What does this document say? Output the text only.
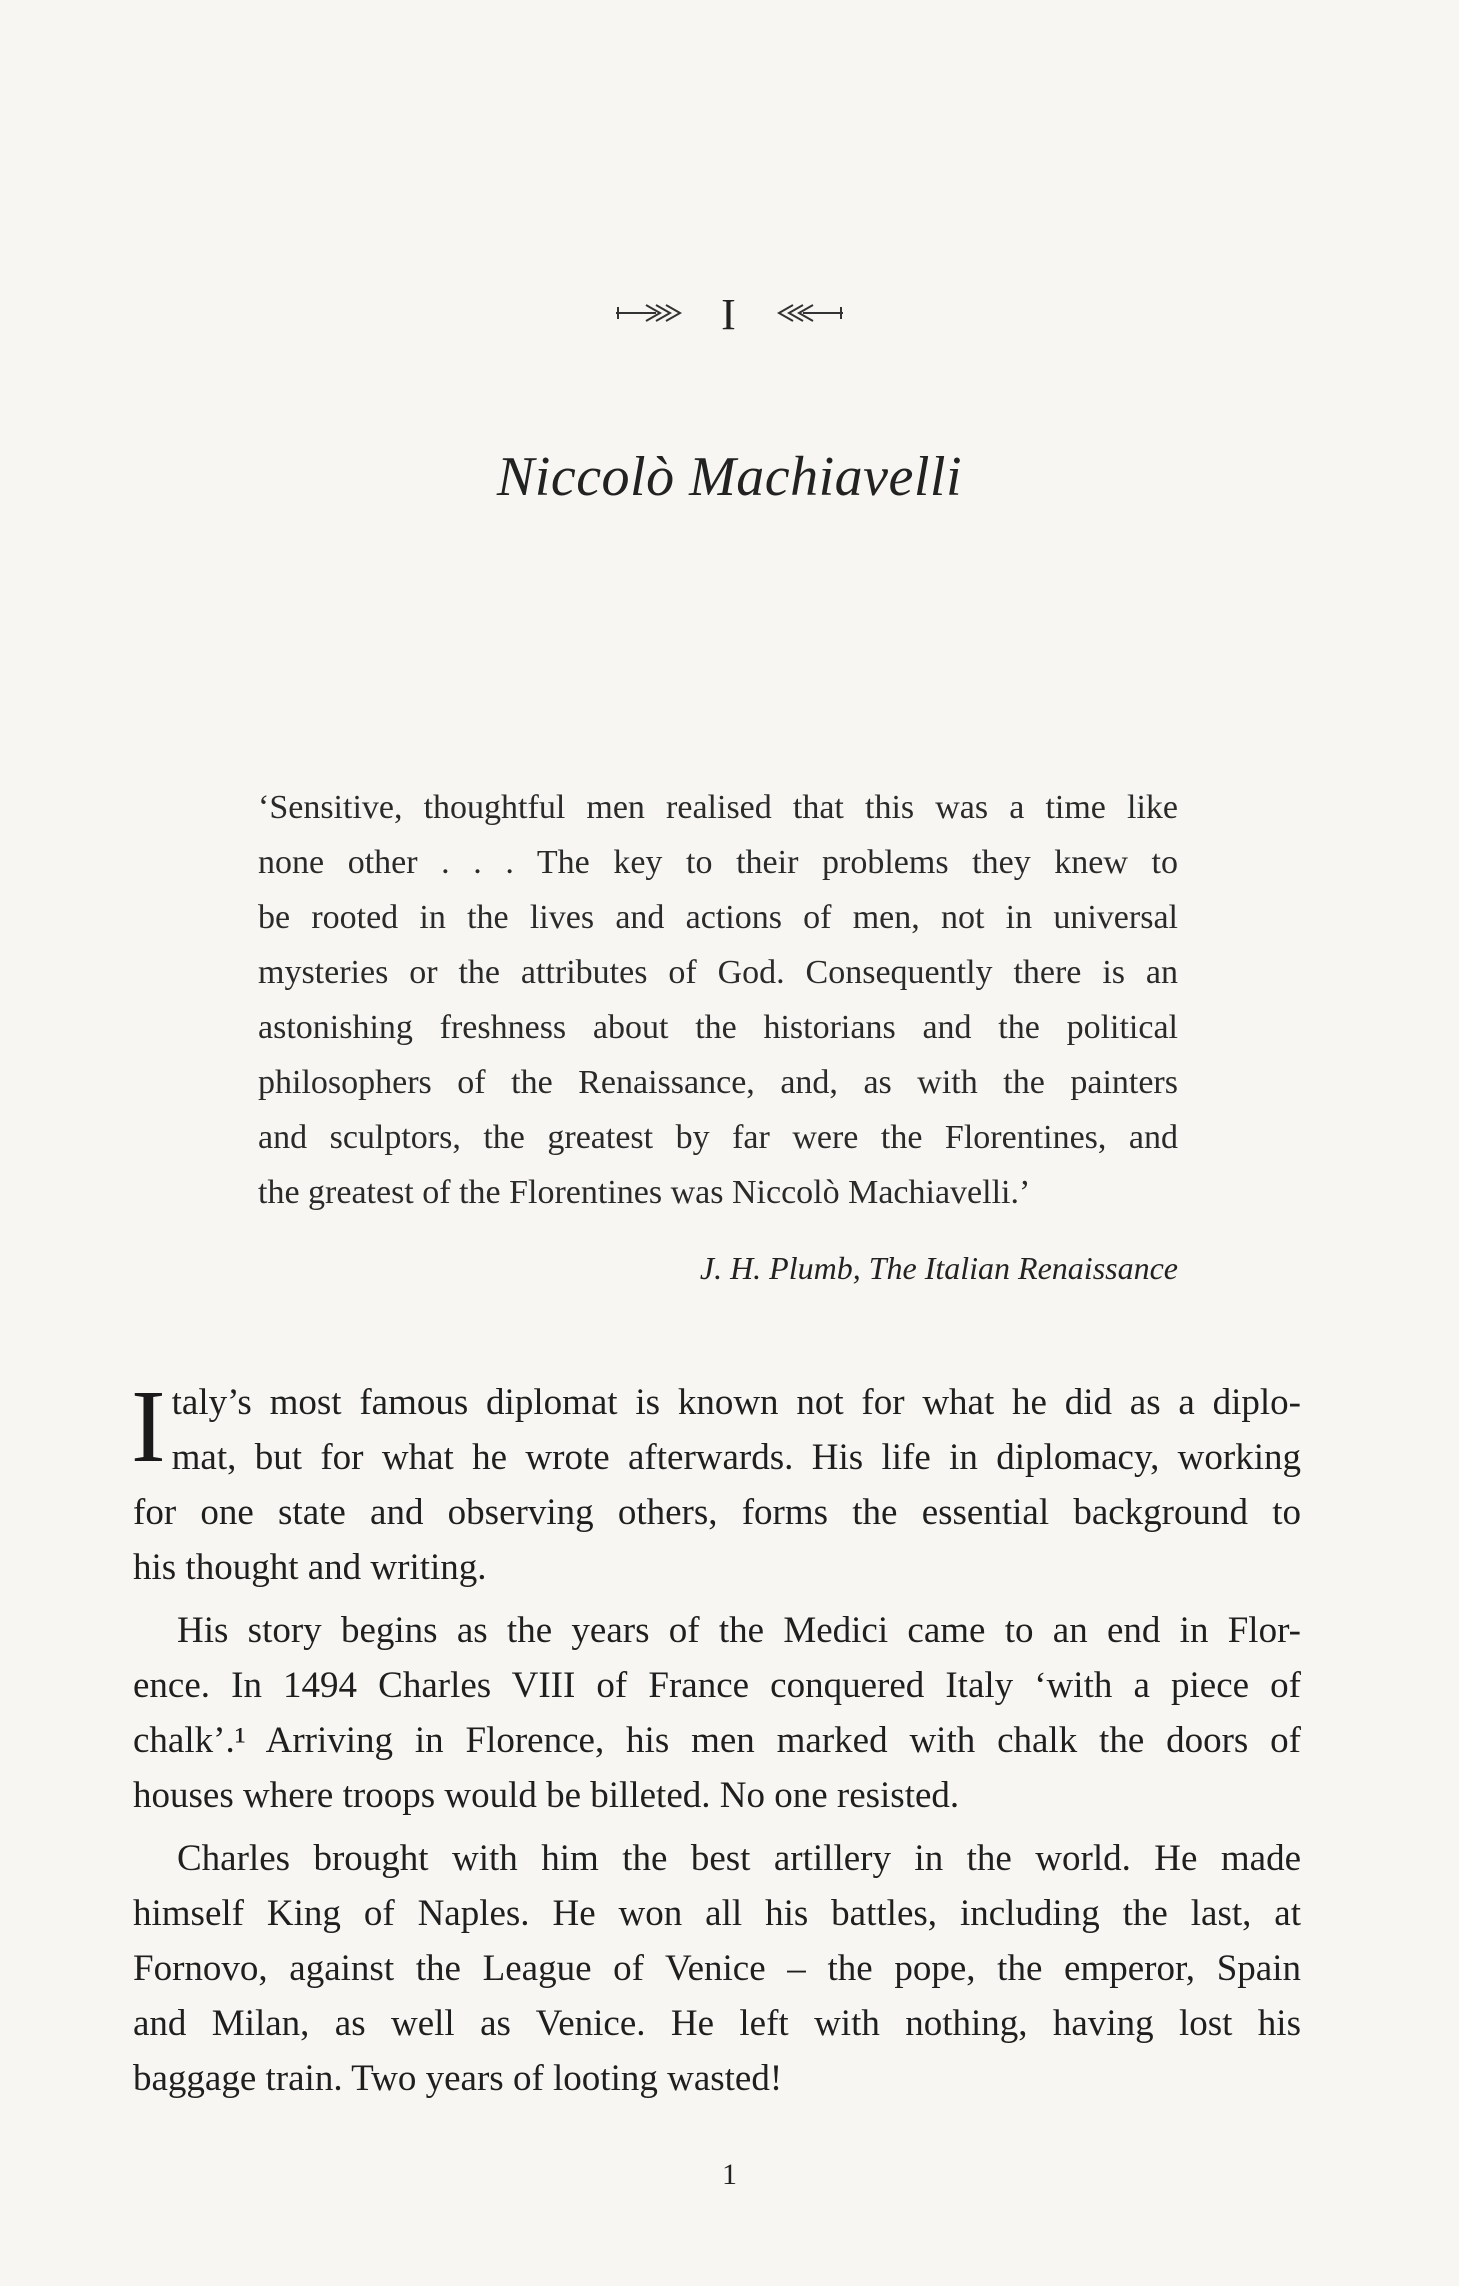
I
Niccolò Machiavelli
‘Sensitive, thoughtful men realised that this was a time like
none other . . . The key to their problems they knew to
be rooted in the lives and actions of men, not in universal
mysteries or the attributes of God. Consequently there is an
astonishing freshness about the historians and the political
philosophers of the Renaissance, and, as with the painters
and sculptors, the greatest by far were the Florentines, and
the greatest of the Florentines was Niccolò Machiavelli.’
J. H. Plumb, The Italian Renaissance
I taly’s most famous diplomat is known not for what he did as a diplo-
mat, but for what he wrote afterwards. His life in diplomacy, working
for one state and observing others, forms the essential background to
his thought and writing.
His story begins as the years of the Medici came to an end in Flor-
ence. In 1494 Charles VIII of France conquered Italy ‘with a piece of
chalk’.¹ Arriving in Florence, his men marked with chalk the doors of
houses where troops would be billeted. No one resisted.
Charles brought with him the best artillery in the world. He made
himself King of Naples. He won all his battles, including the last, at
Fornovo, against the League of Venice – the pope, the emperor, Spain
and Milan, as well as Venice. He left with nothing, having lost his
baggage train. Two years of looting wasted!
1
